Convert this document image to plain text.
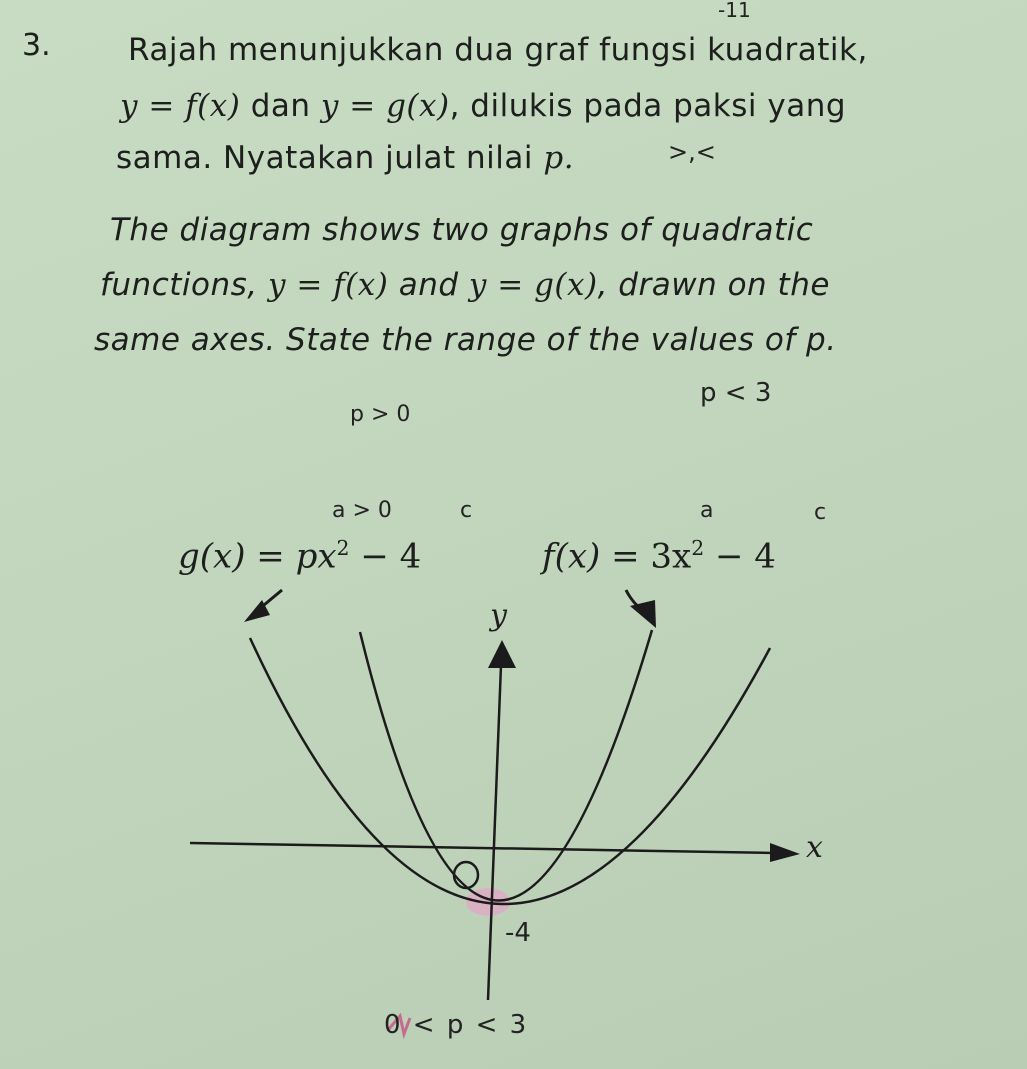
3. Rajah menunjukkan dua graf fungsi kuadratik,
y = f(x) dan y = g(x), dilukis pada paksi yang
sama. Nyatakan julat nilai p.
The diagram shows two graphs of quadratic
functions, y = f(x) and y = g(x), drawn on the
same axes. State the range of the values of p.
-11
>,<
p < 3
p > 0
a > 0	c	a	c
$g(x) = px^2 - 4$	$f(x) = 3x^2 - 4$
y
x
-4
0 < p < 3
